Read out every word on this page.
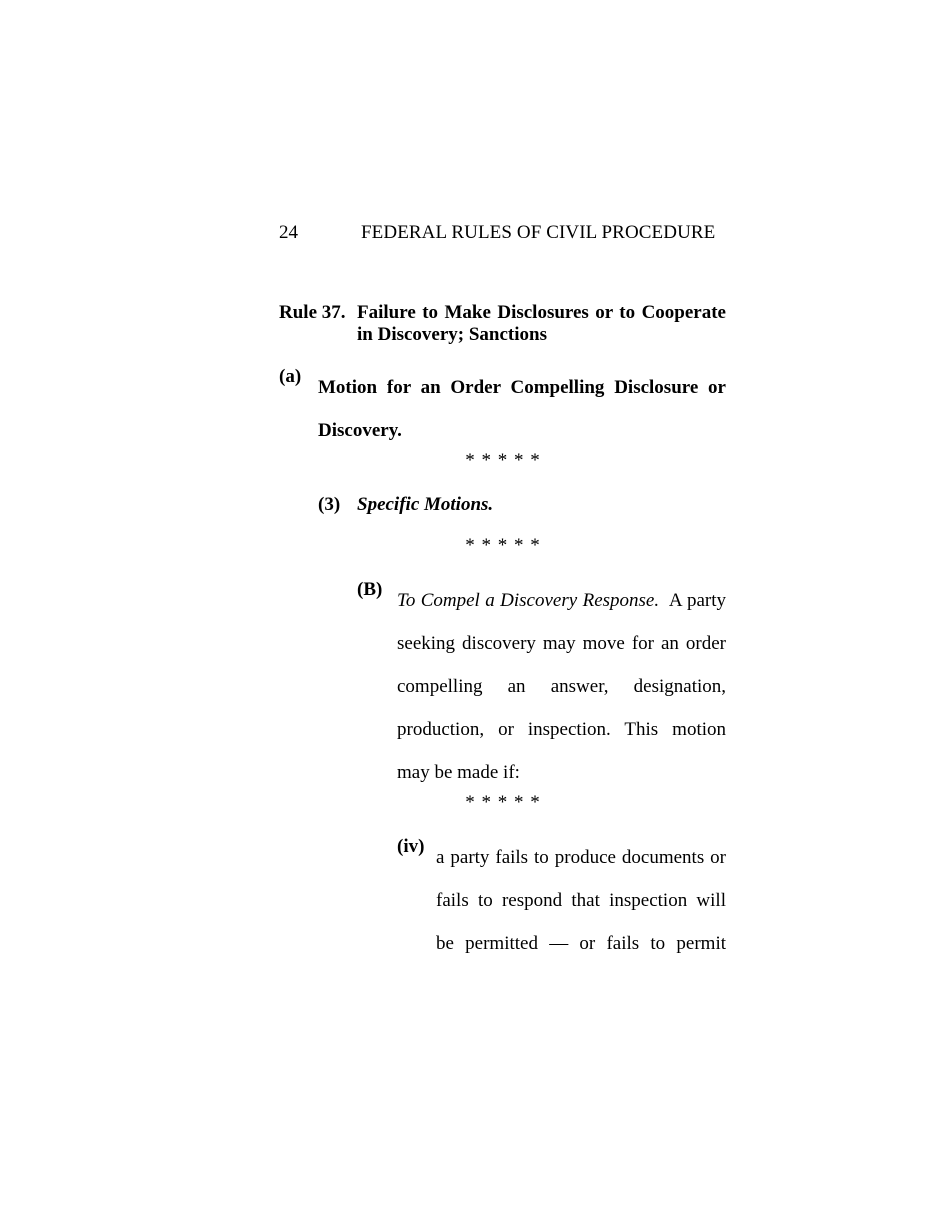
24	FEDERAL RULES OF CIVIL PROCEDURE
Rule 37. Failure to Make Disclosures or to Cooperate in Discovery; Sanctions
(a)
Motion for an Order Compelling Disclosure or Discovery.
* * * * *
(3) Specific Motions.
* * * * *
(B)
To Compel a Discovery Response. A party seeking discovery may move for an order compelling an answer, designation, production, or inspection. This motion may be made if:
* * * * *
(iv)
a party fails to produce documents or fails to respond that inspection will be permitted — or fails to permit
